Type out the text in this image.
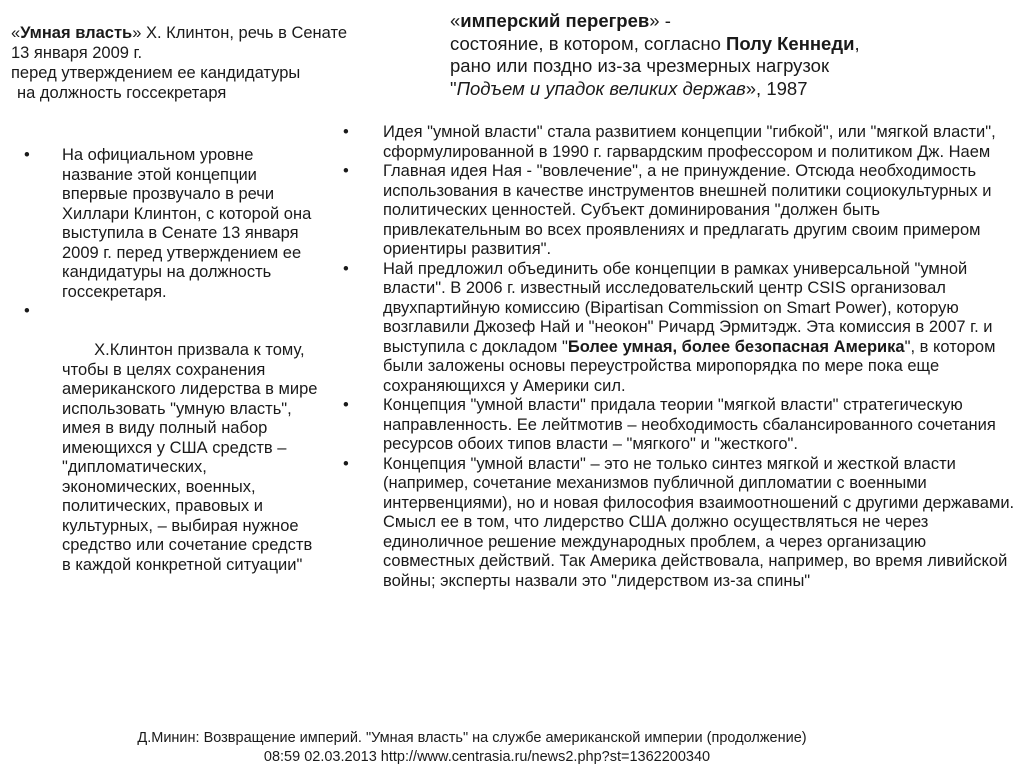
«Умная власть» Х. Клинтон, речь в Сенате
13 января 2009 г.
перед утверждением ее кандидатуры
на должность госсекретаря
«имперский перегрев» -
состояние, в котором, согласно Полу Кеннеди,
рано или поздно из-за чрезмерных нагрузок
"Подъем и упадок великих держав», 1987
• На официальном уровне название этой концепции впервые прозвучало в речи Хиллари Клинтон, с которой она выступила в Сенате 13 января 2009 г. перед утверждением ее кандидатуры на должность госсекретаря.

•

Х.Клинтон призвала к тому, чтобы в целях сохранения американского лидерства в мире использовать "умную власть", имея в виду полный набор имеющихся у США средств – "дипломатических, экономических, военных, политических, правовых и культурных, – выбирая нужное средство или сочетание средств в каждой конкретной ситуации"

• Идея "умной власти" стала развитием концепции "гибкой", или "мягкой власти", сформулированной в 1990 г. гарвардским профессором и политиком Дж. Наем
• Главная идея Ная - "вовлечение", а не принуждение. Отсюда необходимость использования в качестве инструментов внешней политики социокультурных и политических ценностей. Субъект доминирования "должен быть привлекательным во всех проявлениях и предлагать другим своим примером ориентиры развития".
• Най предложил объединить обе концепции в рамках универсальной "умной власти". В 2006 г. известный исследовательский центр CSIS организовал двухпартийную комиссию (Bipartisan Commission on Smart Power), которую возглавили Джозеф Най и "неокон" Ричард Эрмитэдж. Эта комиссия в 2007 г. и выступила с докладом "Более умная, более безопасная Америка", в котором были заложены основы переустройства миропорядка по мере пока еще сохраняющихся у Америки сил.
• Концепция "умной власти" придала теории "мягкой власти" стратегическую направленность. Ее лейтмотив – необходимость сбалансированного сочетания ресурсов обоих типов власти – "мягкого" и "жесткого".
• Концепция "умной власти" – это не только синтез мягкой и жесткой власти (например, сочетание механизмов публичной дипломатии с военными интервенциями), но и новая философия взаимоотношений с другими державами. Смысл ее в том, что лидерство США должно осуществляться не через единоличное решение международных проблем, а через организацию совместных действий. Так Америка действовала, например, во время ливийской войны; эксперты назвали это "лидерством из-за спины"
Д.Минин: Возвращение империй. "Умная власть" на службе американской империи (продолжение)
08:59 02.03.2013 http://www.centrasia.ru/news2.php?st=1362200340
